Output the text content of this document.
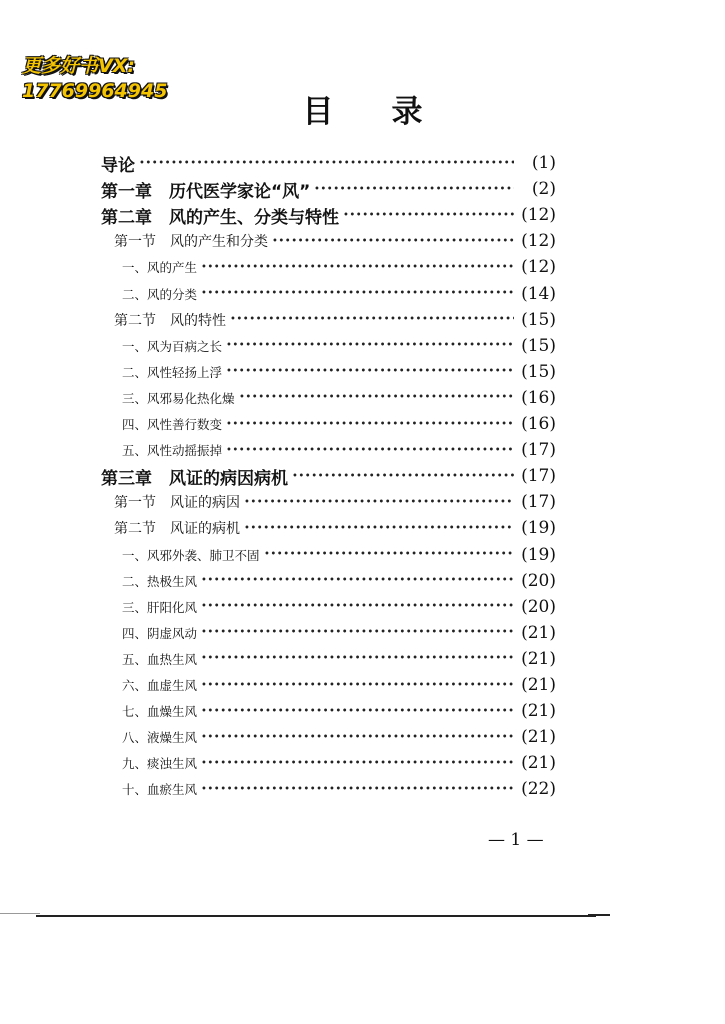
更多好书VX:
17769964945
目 录
导论 •••••	(1)
第一章　历代医学家论“风” •••••	(2)
第二章　风的产生、分类与特性 •••••	(12)
第一节　风的产生和分类 •••••	(12)
一、风的产生 •••••	(12)
二、风的分类 •••••	(14)
第二节　风的特性 •••••	(15)
一、风为百病之长 •••••	(15)
二、风性轻扬上浮 •••••	(15)
三、风邪易化热化燥 •••••	(16)
四、风性善行数变 •••••	(16)
五、风性动摇振掉 •••••	(17)
第三章　风证的病因病机 •••••	(17)
第一节　风证的病因 •••••	(17)
第二节　风证的病机 •••••	(19)
一、风邪外袭、肺卫不固 •••••	(19)
二、热极生风 •••••	(20)
三、肝阳化风 •••••	(20)
四、阴虚风动 •••••	(21)
五、血热生风 •••••	(21)
六、血虚生风 •••••	(21)
七、血燥生风 •••••	(21)
八、液燥生风 •••••	(21)
九、痰浊生风 •••••	(21)
十、血瘀生风 •••••	(22)
— 1 —
